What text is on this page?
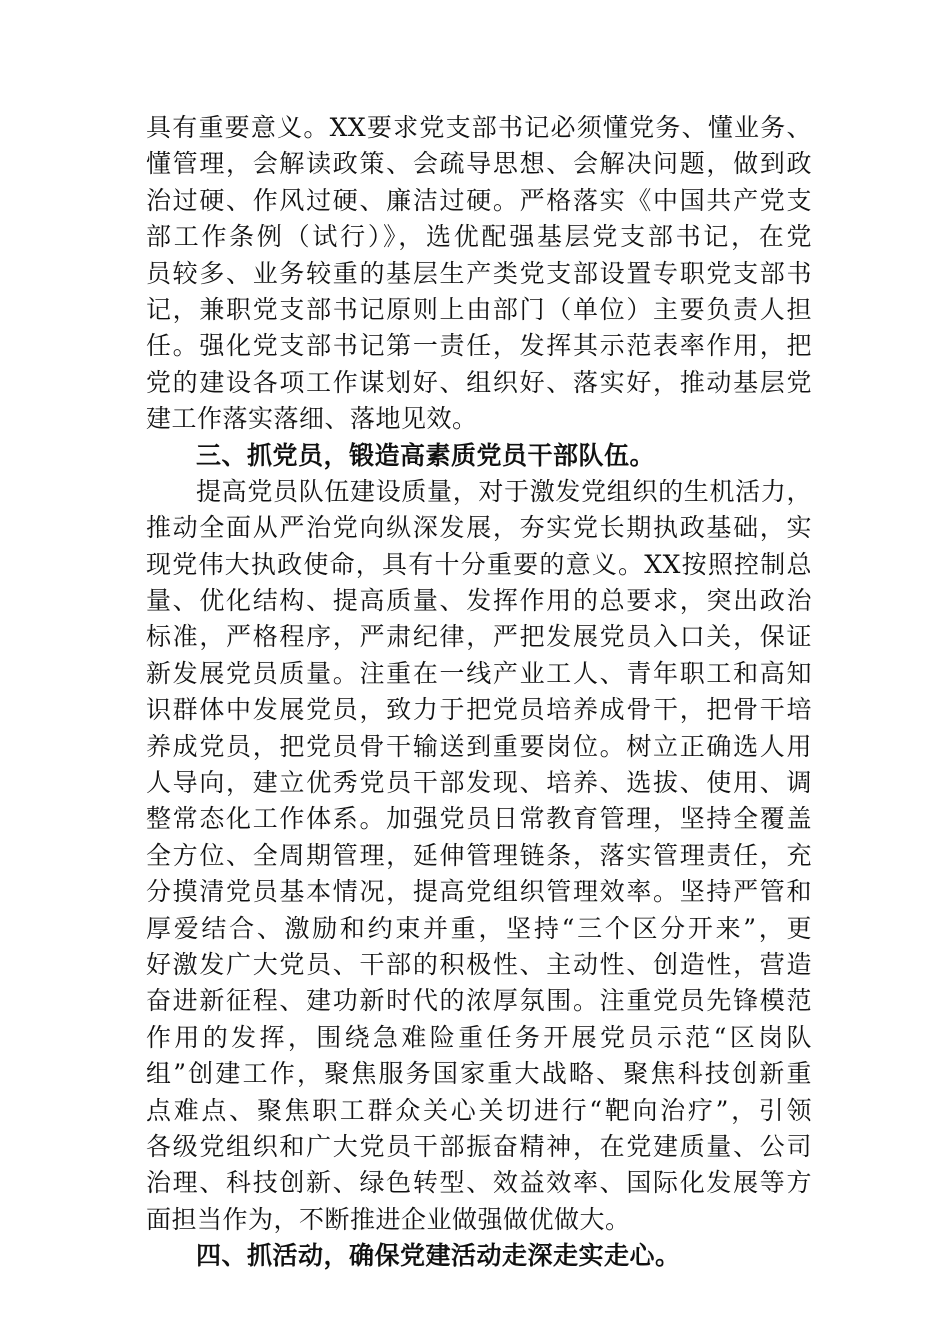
具有重要意义。XX要求党支部书记必须懂党务、懂业务、
懂管理，会解读政策、会疏导思想、会解决问题，做到政
治过硬、作风过硬、廉洁过硬。严格落实《中国共产党支
部工作条例（试行）》，选优配强基层党支部书记，在党
员较多、业务较重的基层生产类党支部设置专职党支部书
记，兼职党支部书记原则上由部门（单位）主要负责人担
任。强化党支部书记第一责任，发挥其示范表率作用，把
党的建设各项工作谋划好、组织好、落实好，推动基层党
建工作落实落细、落地见效。
三、抓党员，锻造高素质党员干部队伍。
提高党员队伍建设质量，对于激发党组织的生机活力，
推动全面从严治党向纵深发展，夯实党长期执政基础，实
现党伟大执政使命，具有十分重要的意义。XX按照控制总
量、优化结构、提高质量、发挥作用的总要求，突出政治
标准，严格程序，严肃纪律，严把发展党员入口关，保证
新发展党员质量。注重在一线产业工人、青年职工和高知
识群体中发展党员，致力于把党员培养成骨干，把骨干培
养成党员，把党员骨干输送到重要岗位。树立正确选人用
人导向，建立优秀党员干部发现、培养、选拔、使用、调
整常态化工作体系。加强党员日常教育管理，坚持全覆盖
全方位、全周期管理，延伸管理链条，落实管理责任，充
分摸清党员基本情况，提高党组织管理效率。坚持严管和
厚爱结合、激励和约束并重，坚持“三个区分开来”，更
好激发广大党员、干部的积极性、主动性、创造性，营造
奋进新征程、建功新时代的浓厚氛围。注重党员先锋模范
作用的发挥，围绕急难险重任务开展党员示范“区岗队
组”创建工作，聚焦服务国家重大战略、聚焦科技创新重
点难点、聚焦职工群众关心关切进行“靶向治疗”，引领
各级党组织和广大党员干部振奋精神，在党建质量、公司
治理、科技创新、绿色转型、效益效率、国际化发展等方
面担当作为，不断推进企业做强做优做大。
四、抓活动，确保党建活动走深走实走心。
